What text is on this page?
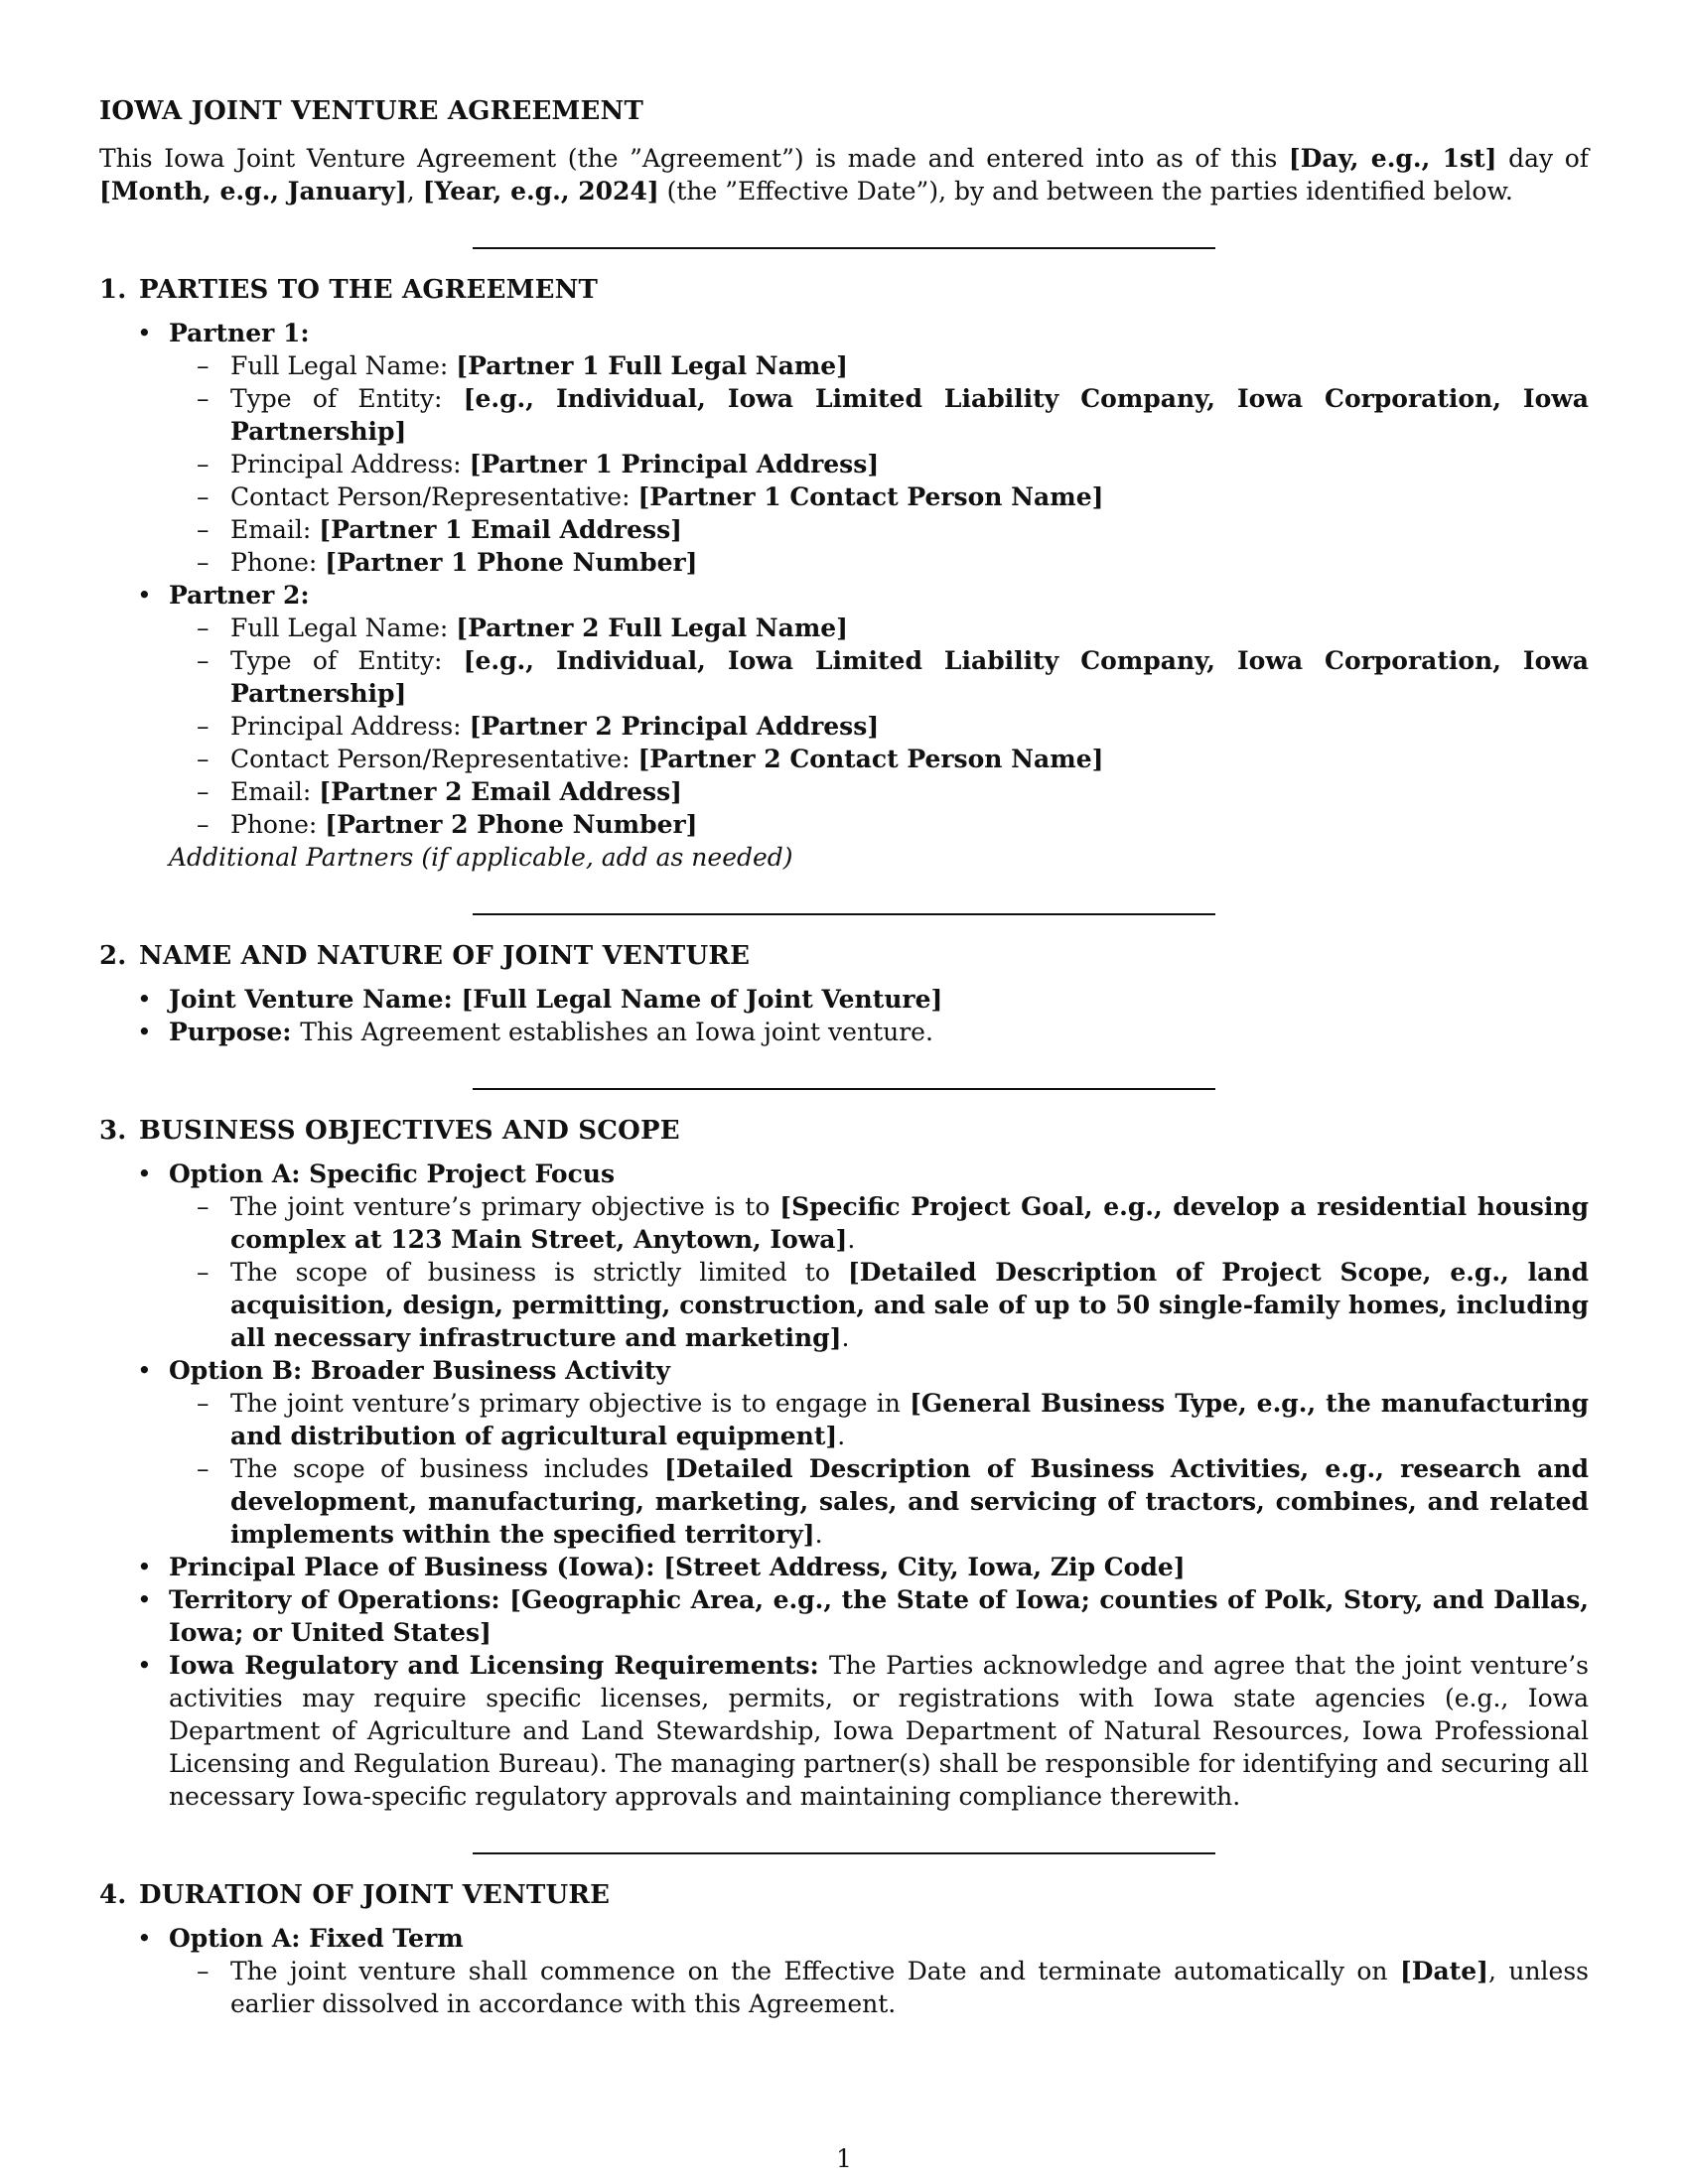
IOWA JOINT VENTURE AGREEMENT

This Iowa Joint Venture Agreement (the ”Agreement”) is made and entered into as of this [Day, e.g., 1st] day of [Month, e.g., January], [Year, e.g., 2024] (the ”Effective Date”), by and between the parties identified below.

1. PARTIES TO THE AGREEMENT
• Partner 1:
– Full Legal Name: [Partner 1 Full Legal Name]
– Type of Entity: [e.g., Individual, Iowa Limited Liability Company, Iowa Corporation, Iowa Partnership]
– Principal Address: [Partner 1 Principal Address]
– Contact Person/Representative: [Partner 1 Contact Person Name]
– Email: [Partner 1 Email Address]
– Phone: [Partner 1 Phone Number]
• Partner 2:
– Full Legal Name: [Partner 2 Full Legal Name]
– Type of Entity: [e.g., Individual, Iowa Limited Liability Company, Iowa Corporation, Iowa Partnership]
– Principal Address: [Partner 2 Principal Address]
– Contact Person/Representative: [Partner 2 Contact Person Name]
– Email: [Partner 2 Email Address]
– Phone: [Partner 2 Phone Number]
Additional Partners (if applicable, add as needed)
2. NAME AND NATURE OF JOINT VENTURE
• Joint Venture Name: [Full Legal Name of Joint Venture]
• Purpose: This Agreement establishes an Iowa joint venture.
3. BUSINESS OBJECTIVES AND SCOPE
• Option A: Specific Project Focus
– The joint venture’s primary objective is to [Specific Project Goal, e.g., develop a residential housing complex at 123 Main Street, Anytown, Iowa].
– The scope of business is strictly limited to [Detailed Description of Project Scope, e.g., land acquisition, design, permitting, construction, and sale of up to 50 single-family homes, including all necessary infrastructure and marketing].
• Option B: Broader Business Activity
– The joint venture’s primary objective is to engage in [General Business Type, e.g., the manufacturing and distribution of agricultural equipment].
– The scope of business includes [Detailed Description of Business Activities, e.g., research and development, manufacturing, marketing, sales, and servicing of tractors, combines, and related implements within the specified territory].
• Principal Place of Business (Iowa): [Street Address, City, Iowa, Zip Code]
• Territory of Operations: [Geographic Area, e.g., the State of Iowa; counties of Polk, Story, and Dallas, Iowa; or United States]
• Iowa Regulatory and Licensing Requirements: The Parties acknowledge and agree that the joint venture’s activities may require specific licenses, permits, or registrations with Iowa state agencies (e.g., Iowa Department of Agriculture and Land Stewardship, Iowa Department of Natural Resources, Iowa Professional Licensing and Regulation Bureau). The managing partner(s) shall be responsible for identifying and securing all necessary Iowa-specific regulatory approvals and maintaining compliance therewith.
4. DURATION OF JOINT VENTURE
• Option A: Fixed Term
– The joint venture shall commence on the Effective Date and terminate automatically on [Date], unless earlier dissolved in accordance with this Agreement.
1
